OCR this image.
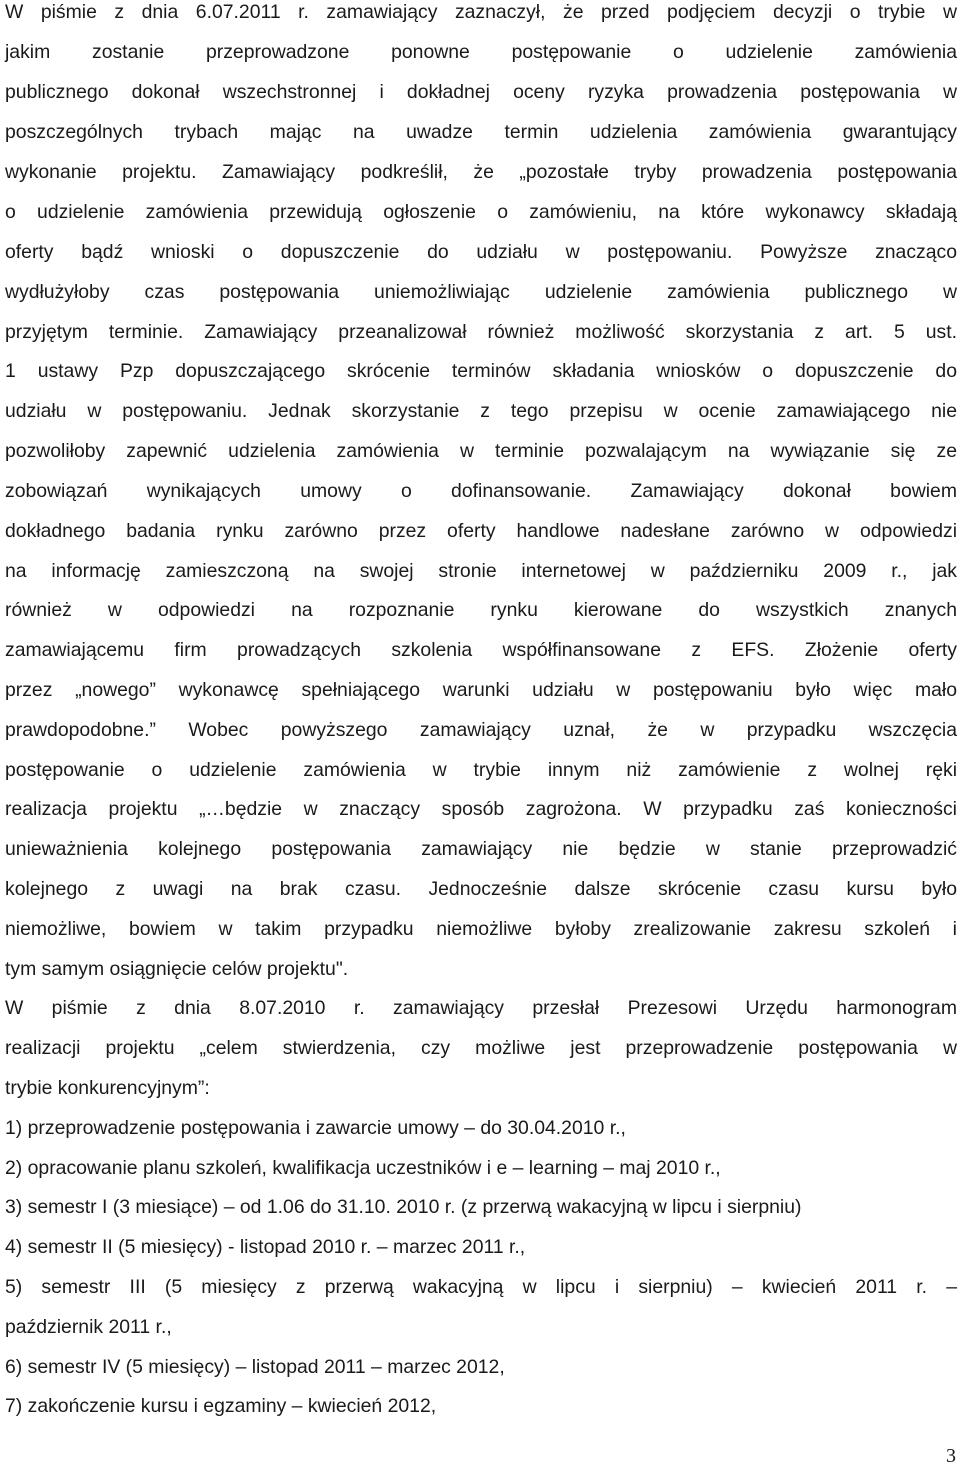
W piśmie z dnia 6.07.2011 r. zamawiający zaznaczył, że przed podjęciem decyzji o trybie w

jakim zostanie przeprowadzone ponowne postępowanie o udzielenie zamówienia

publicznego dokonał wszechstronnej i dokładnej oceny ryzyka prowadzenia postępowania w

poszczególnych trybach mając na uwadze termin udzielenia zamówienia gwarantujący

wykonanie projektu. Zamawiający podkreślił, że „pozostałe tryby prowadzenia postępowania

o udzielenie zamówienia przewidują ogłoszenie o zamówieniu, na które wykonawcy składają

oferty bądź wnioski o dopuszczenie do udziału w postępowaniu. Powyższe znacząco

wydłużyłoby czas postępowania uniemożliwiając udzielenie zamówienia publicznego w

przyjętym terminie. Zamawiający przeanalizował również możliwość skorzystania z art. 5 ust.

1 ustawy Pzp dopuszczającego skrócenie terminów składania wniosków o dopuszczenie do

udziału w postępowaniu. Jednak skorzystanie z tego przepisu w ocenie zamawiającego nie

pozwoliłoby zapewnić udzielenia zamówienia w terminie pozwalającym na wywiązanie się ze

zobowiązań wynikających umowy o dofinansowanie. Zamawiający dokonał bowiem

dokładnego badania rynku zarówno przez oferty handlowe nadesłane zarówno w odpowiedzi

na informację zamieszczoną na swojej stronie internetowej w październiku 2009 r., jak

również w odpowiedzi na rozpoznanie rynku kierowane do wszystkich znanych

zamawiającemu firm prowadzących szkolenia współfinansowane z EFS. Złożenie oferty

przez „nowego” wykonawcę spełniającego warunki udziału w postępowaniu było więc mało

prawdopodobne.” Wobec powyższego zamawiający uznał, że w przypadku wszczęcia

postępowanie o udzielenie zamówienia w trybie innym niż zamówienie z wolnej ręki

realizacja projektu „…będzie w znaczący sposób zagrożona. W przypadku zaś konieczności

unieważnienia kolejnego postępowania zamawiający nie będzie w stanie przeprowadzić

kolejnego z uwagi na brak czasu. Jednocześnie dalsze skrócenie czasu kursu było

niemożliwe, bowiem w takim przypadku niemożliwe byłoby zrealizowanie zakresu szkoleń i

tym samym osiągnięcie celów projektu".

W piśmie z dnia 8.07.2010 r. zamawiający przesłał Prezesowi Urzędu harmonogram

realizacji projektu „celem stwierdzenia, czy możliwe jest przeprowadzenie postępowania w

trybie konkurencyjnym”:

1) przeprowadzenie postępowania i zawarcie umowy – do 30.04.2010 r.,

2) opracowanie planu szkoleń, kwalifikacja uczestników i e – learning – maj 2010 r.,

3) semestr I (3 miesiące) – od 1.06 do 31.10. 2010 r. (z przerwą wakacyjną w lipcu i sierpniu)

4) semestr II (5 miesięcy) - listopad 2010 r. – marzec 2011 r.,

5) semestr III (5 miesięcy z przerwą wakacyjną w lipcu i sierpniu) – kwiecień 2011 r. –

październik 2011 r.,

6) semestr IV (5 miesięcy) – listopad 2011 – marzec 2012,

7) zakończenie kursu i egzaminy – kwiecień 2012,

3
